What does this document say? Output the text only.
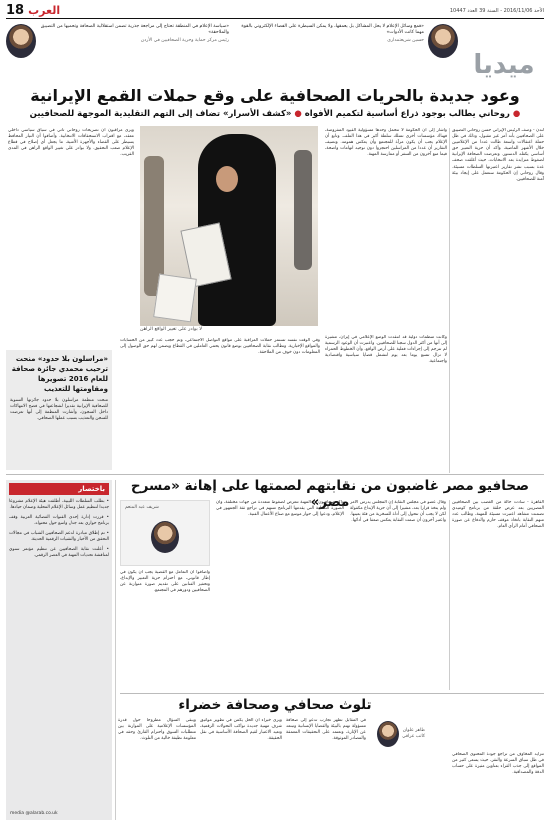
الأحد 2016/11/06 - السنة 39 العدد 10447
العرب
18
ميديا
«قمع وسائل الإعلام لا يحل المشاكل بل يعمقها، ولا يمكن السيطرة على الفضاء الإلكتروني بالقوة مهما كانت الأدوات»
حسين شريعتمداري
«سياسة الإعلام في المنطقة تحتاج إلى مراجعة جذرية تضمن استقلالية الصحافة وتحميها من التضييق والملاحقة»
رئيس مركز حماية وحرية الصحافيين في الأردن
وعود جديدة بالحريات الصحافية على وقع حملات القمع الإيرانية
● روحاني يطالب بوجود ذراع أساسية لتكميم الأفواه ● «كشف الأسرار» تضاف إلى التهم التقليدية الموجهة للصحافيين
لندن - وصف الرئيس الإيراني حسن روحاني التضييق على الصحافيين بأنه أمر غير مقبول، وذلك في ظل حملة اعتقالات واسعة طالت عددا من الإعلاميين خلال الأشهر الماضية، وأكد أن حرية التعبير حق أساسي يكفله الدستور. وتعرضت الصحافة الإيرانية لضغوط متزايدة بعد الانتخابات، حيث أغلقت صحف عدة بسبب نشر تقارير اعتبرتها السلطات مسيئة. وقال روحاني إن الحكومة ستعمل على إيجاد بيئة آمنة للصحافيين.
وأشار إلى أن الحكومة لا تتحمل وحدها مسؤولية القيود المفروضة، فهناك مؤسسات أخرى تمتلك سلطة أكبر في هذا الملف. وتابع أن الإعلام يجب أن يكون مرآة للمجتمع وأن يعكس همومه. وتضيف التقارير أن عددا من المراسلين احتجزوا دون توجيه اتهامات واضحة، فيما منع آخرون من السفر أو ممارسة المهنة.
وكانت منظمات دولية قد انتقدت الوضع الإعلامي في إيران، مشيرة إلى أنها من أكثر الدول سجنا للصحافيين. واعتبرت أن الوعود الرسمية لم تترجم إلى إجراءات فعلية على أرض الواقع، وأن الخطوط الحمراء لا تزال تتسع يوما بعد يوم لتشمل قضايا سياسية واقتصادية واجتماعية.
ويرى مراقبون أن تصريحات روحاني تأتي في سياق سياسي داخلي معقد، مع اقتراب الاستحقاقات الانتخابية. وأضافوا أن التيار المحافظ يسيطر على القضاء والأجهزة الأمنية، ما يجعل أي إصلاح في قطاع الإعلام صعب التحقيق. ولا بوادر على تغيير الواقع الراهن في المدى القريب.
وفي الوقت نفسه تستمر حملات المراقبة على مواقع التواصل الاجتماعي، وتم حجب عدد كبير من الحسابات والمواقع الإخبارية. وتطالب نقابة الصحافيين بوضع قانون يحمي العاملين في القطاع ويضمن لهم حق الوصول إلى المعلومات دون خوف من الملاحقة.
لا بوادر على تغيير الواقع الراهن
«مراسلون بلا حدود» منحت ترحيب محمدي جائزة صحافة للعام 2016 تصويرها ومقاومتها للتعذيب
منحت منظمة مراسلون بلا حدود جائزتها السنوية للصحافية الإيرانية تقديرا لشجاعتها في فضح الانتهاكات داخل السجون، وأشارت المنظمة إلى أنها تعرضت للسجن والتعذيب بسبب عملها الصحافي.
باختصار
• بطلب السلطات الليبية، أطلقت هيئة الإعلام مشروعا جديدا لتنظيم عمل وسائل الإعلام المحلية وضمان حيادها.
• قررت إدارة إحدى القنوات الفضائية العربية وقف برنامج حواري بعد جدل واسع حول محتواه.
• تم إطلاق مبادرة لدعم الصحافيين الشباب في مجالات التحقق من الأخبار والتقنيات الرقمية الحديثة.
• أعلنت نقابة الصحافيين عن تنظيم مؤتمر سنوي لمناقشة تحديات المهنة في العصر الرقمي.
media @alarab.co.uk
صحافيو مصر غاضبون من نقابتهم لصمتها على إهانة «مسرح مصر»	القاهرة - سادت حالة من الغضب بين الصحافيين المصريين بعد عرض حلقة من برنامج كوميدي تضمنت مشاهد اعتبرت مسيئة للمهنة، وطالب عدد منهم النقابة باتخاذ موقف حازم والدفاع عن صورة الصحافي أمام الرأي العام.
وقال عضو في مجلس النقابة إن المجلس يدرس الأمر ولم يتخذ قرارا بعد، مشيرا إلى أن حرية الإبداع مكفولة لكن لا يجب أن تتحول إلى أداة للسخرية من فئة بعينها. واعتبر آخرون أن صمت النقابة يعكس ضعفا في أدائها.
وأكد صحافيون أن المهنة تتعرض لضغوط متعددة من جهات مختلفة، وأن الصورة النمطية التي يقدمها البرنامج تسهم في تراجع ثقة الجمهور في الإعلام، ودعوا إلى حوار موسع مع صناع الأعمال الفنية.
شريف عبد المنعم
وأضافوا أن التعامل مع القضية يجب أن يكون في إطار قانوني، مع احترام حرية التعبير والإبداع، وتحفيز الفنانين على تقديم صورة متوازنة عن الصحافيين ودورهم في المجتمع.
تلوث صحافي وصحافة خضراء
طاهر علوان
كاتب عراقي
تتزايد المخاوف من تراجع جودة المحتوى الصحافي في ظل سباق السرعة والنقر، حيث يسعى كثير من المواقع إلى جذب القراء بعناوين مثيرة على حساب الدقة والمصداقية.
في المقابل تظهر تجارب تدعو إلى صحافة مسؤولة تهتم بالبيئة والقضايا الإنسانية وتبتعد عن الإثارة، وتعتمد على التحقيقات المعمقة والمصادر الموثوقة.
ويرى خبراء أن الحل يكمن في تطوير مواثيق شرف مهنية جديدة تواكب التحولات الرقمية، وتعيد الاعتبار لقيم الصحافة الأساسية في نقل الحقيقة.
ويبقى السؤال مطروحا حول قدرة المؤسسات الإعلامية على الموازنة بين متطلبات السوق واحترام القارئ وحقه في معلومة نظيفة خالية من التلوث.
